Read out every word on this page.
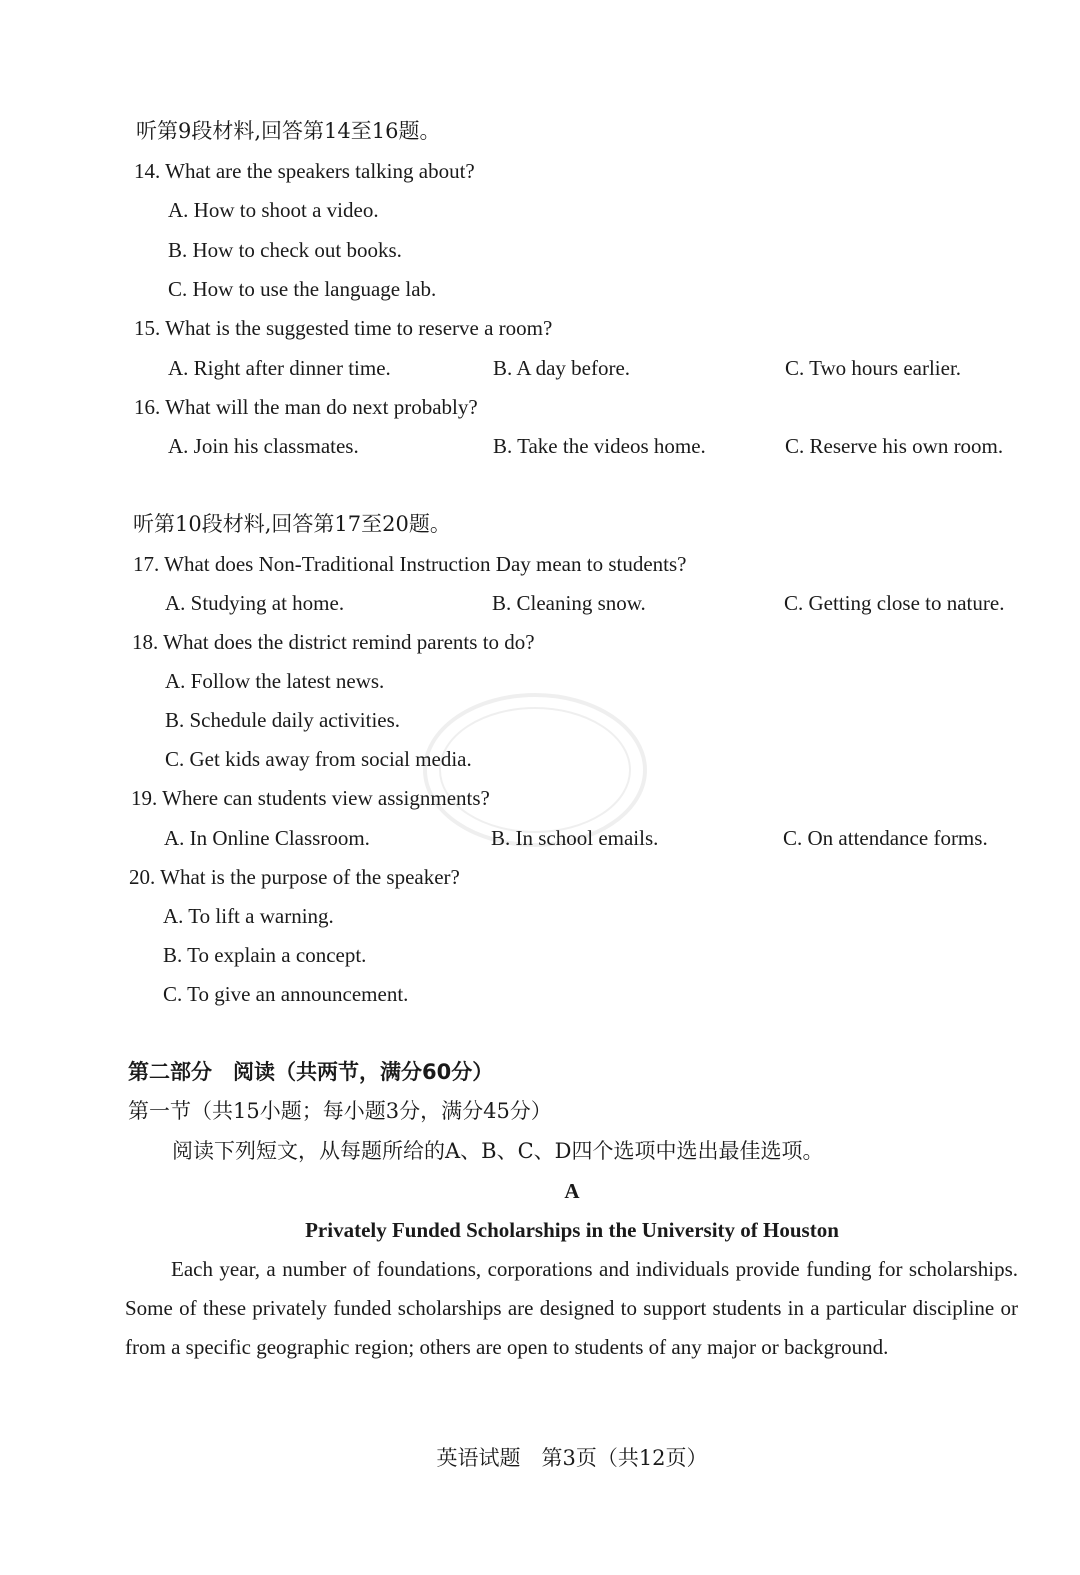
听第9段材料,回答第14至16题。
14. What are the speakers talking about?
A. How to shoot a video.
B. How to check out books.
C. How to use the language lab.
15. What is the suggested time to reserve a room?
A. Right after dinner time.	B. A day before.	C. Two hours earlier.
16. What will the man do next probably?
A. Join his classmates.	B. Take the videos home.	C. Reserve his own room.
听第10段材料,回答第17至20题。
17. What does Non-Traditional Instruction Day mean to students?
A. Studying at home.	B. Cleaning snow.	C. Getting close to nature.
18. What does the district remind parents to do?
A. Follow the latest news.
B. Schedule daily activities.
C. Get kids away from social media.
19. Where can students view assignments?
A. In Online Classroom.	B. In school emails.	C. On attendance forms.
20. What is the purpose of the speaker?
A. To lift a warning.
B. To explain a concept.
C. To give an announcement.
第二部分　阅读（共两节，满分60分）
第一节（共15小题；每小题3分，满分45分）
阅读下列短文，从每题所给的A、B、C、D四个选项中选出最佳选项。
A
Privately Funded Scholarships in the University of Houston
Each year, a number of foundations, corporations and individuals provide funding for scholarships. Some of these privately funded scholarships are designed to support students in a particular discipline or from a specific geographic region; others are open to students of any major or background.
英语试题　第3页（共12页）
